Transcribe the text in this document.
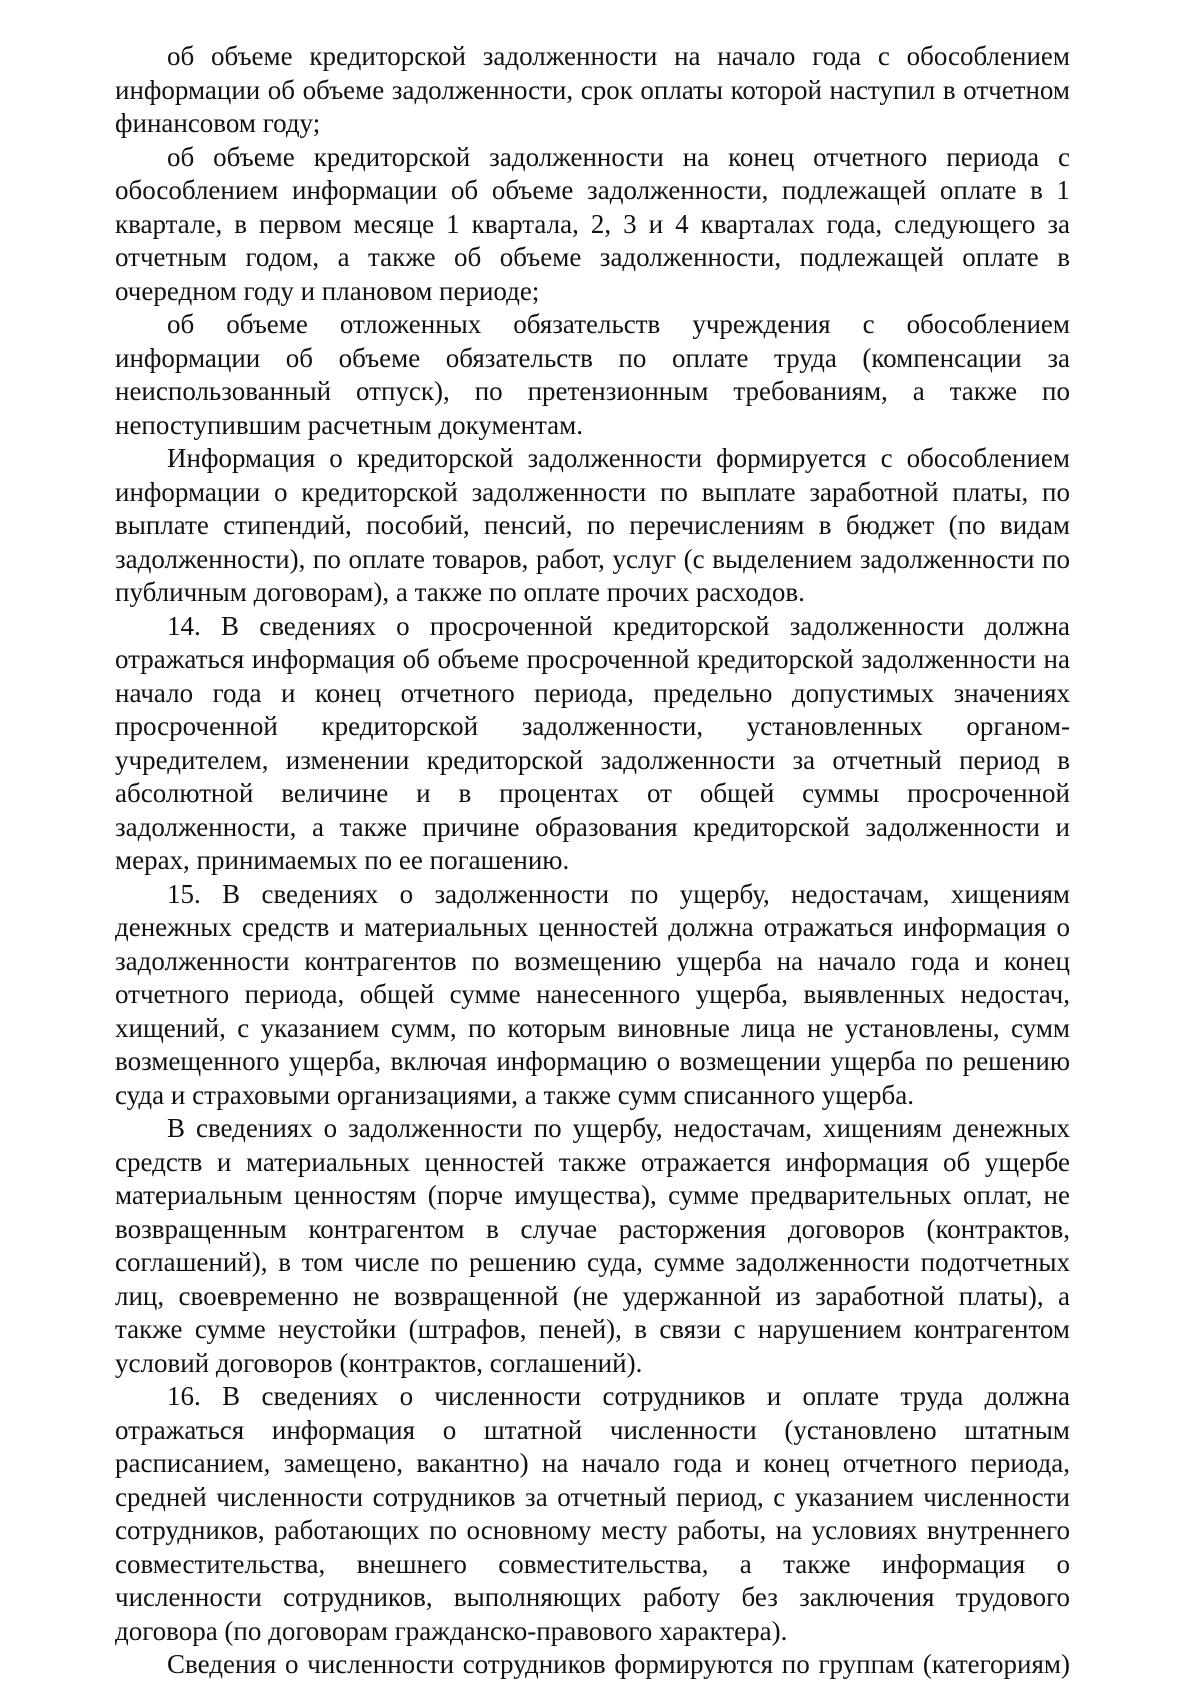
об объеме кредиторской задолженности на начало года с обособлением информации об объеме задолженности, срок оплаты которой наступил в отчетном финансовом году;

об объеме кредиторской задолженности на конец отчетного периода с обособлением информации об объеме задолженности, подлежащей оплате в 1 квартале, в первом месяце 1 квартала, 2, 3 и 4 кварталах года, следующего за отчетным годом, а также об объеме задолженности, подлежащей оплате в очередном году и плановом периоде;

об объеме отложенных обязательств учреждения с обособлением информации об объеме обязательств по оплате труда (компенсации за неиспользованный отпуск), по претензионным требованиям, а также по непоступившим расчетным документам.

Информация о кредиторской задолженности формируется с обособлением информации о кредиторской задолженности по выплате заработной платы, по выплате стипендий, пособий, пенсий, по перечислениям в бюджет (по видам задолженности), по оплате товаров, работ, услуг (с выделением задолженности по публичным договорам), а также по оплате прочих расходов.

14. В сведениях о просроченной кредиторской задолженности должна отражаться информация об объеме просроченной кредиторской задолженности на начало года и конец отчетного периода, предельно допустимых значениях просроченной кредиторской задолженности, установленных органом-учредителем, изменении кредиторской задолженности за отчетный период в абсолютной величине и в процентах от общей суммы просроченной задолженности, а также причине образования кредиторской задолженности и мерах, принимаемых по ее погашению.

15. В сведениях о задолженности по ущербу, недостачам, хищениям денежных средств и материальных ценностей должна отражаться информация о задолженности контрагентов по возмещению ущерба на начало года и конец отчетного периода, общей сумме нанесенного ущерба, выявленных недостач, хищений, с указанием сумм, по которым виновные лица не установлены, сумм возмещенного ущерба, включая информацию о возмещении ущерба по решению суда и страховыми организациями, а также сумм списанного ущерба.

В сведениях о задолженности по ущербу, недостачам, хищениям денежных средств и материальных ценностей также отражается информация об ущербе материальным ценностям (порче имущества), сумме предварительных оплат, не возвращенным контрагентом в случае расторжения договоров (контрактов, соглашений), в том числе по решению суда, сумме задолженности подотчетных лиц, своевременно не возвращенной (не удержанной из заработной платы), а также сумме неустойки (штрафов, пеней), в связи с нарушением контрагентом условий договоров (контрактов, соглашений).

16. В сведениях о численности сотрудников и оплате труда должна отражаться информация о штатной численности (установлено штатным расписанием, замещено, вакантно) на начало года и конец отчетного периода, средней численности сотрудников за отчетный период, с указанием численности сотрудников, работающих по основному месту работы, на условиях внутреннего совместительства, внешнего совместительства, а также информация о численности сотрудников, выполняющих работу без заключения трудового договора (по договорам гражданско-правового характера).

Сведения о численности сотрудников формируются по группам (категориям)
